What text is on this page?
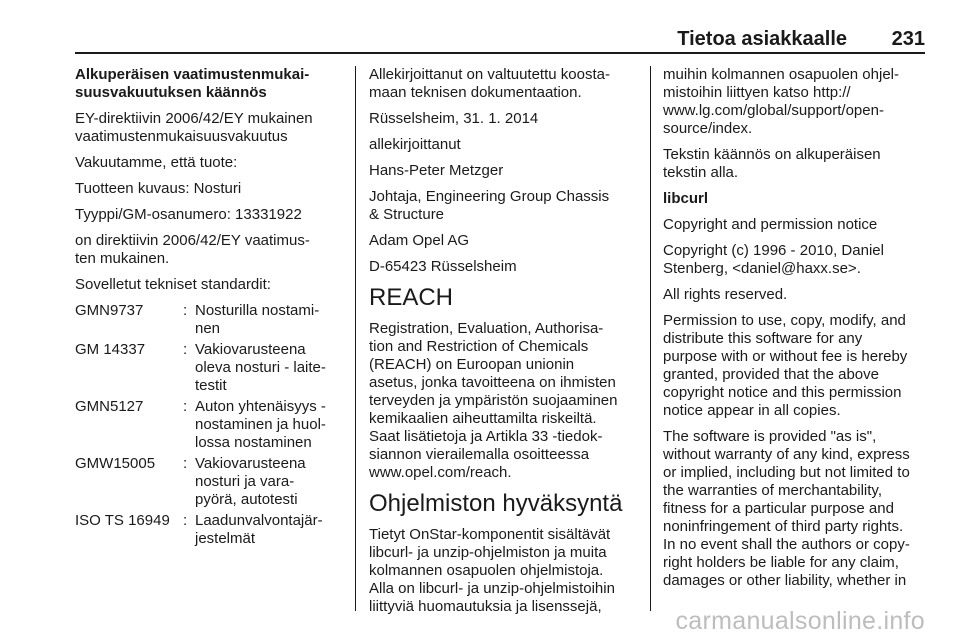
Tietoa asiakkaalle 231

Alkuperäisen vaatimustenmukai-
suusvakuutuksen käännös

EY-direktiivin 2006/42/EY mukainen
vaatimustenmukaisuusvakuutus

Vakuutamme, että tuote:

Tuotteen kuvaus: Nosturi

Tyyppi/GM-osanumero: 13331922

on direktiivin 2006/42/EY vaatimus-
ten mukainen.

Sovelletut tekniset standardit:

GMN9737	:	Nosturilla nostami-
nen
GM 14337	:	Vakiovarusteena
oleva nosturi - laite-
testit
GMN5127	:	Auton yhtenäisyys -
nostaminen ja huol-
lossa nostaminen
GMW15005	:	Vakiovarusteena
nosturi ja vara-
pyörä, autotesti
ISO TS 16949	:	Laadunvalvontajär-
jestelmät

Allekirjoittanut on valtuutettu koosta-
maan teknisen dokumentaation.

Rüsselsheim, 31. 1. 2014

allekirjoittanut

Hans-Peter Metzger

Johtaja, Engineering Group Chassis
& Structure

Adam Opel AG

D-65423 Rüsselsheim

REACH

Registration, Evaluation, Authorisa-
tion and Restriction of Chemicals
(REACH) on Euroopan unionin
asetus, jonka tavoitteena on ihmisten
terveyden ja ympäristön suojaaminen
kemikaalien aiheuttamilta riskeiltä.
Saat lisätietoja ja Artikla 33 -tiedok-
siannon vierailemalla osoitteessa
www.opel.com/reach.

Ohjelmiston hyväksyntä

Tietyt OnStar-komponentit sisältävät
libcurl- ja unzip-ohjelmiston ja muita
kolmannen osapuolen ohjelmistoja.
Alla on libcurl- ja unzip-ohjelmistoihin
liittyviä huomautuksia ja lisenssejä,

muihin kolmannen osapuolen ohjel-
mistoihin liittyen katso http://
www.lg.com/global/support/open-
source/index.

Tekstin käännös on alkuperäisen
tekstin alla.

libcurl

Copyright and permission notice

Copyright (c) 1996 - 2010, Daniel
Stenberg, <daniel@haxx.se>.

All rights reserved.

Permission to use, copy, modify, and
distribute this software for any
purpose with or without fee is hereby
granted, provided that the above
copyright notice and this permission
notice appear in all copies.

The software is provided "as is",
without warranty of any kind, express
or implied, including but not limited to
the warranties of merchantability,
fitness for a particular purpose and
noninfringement of third party rights.
In no event shall the authors or copy-
right holders be liable for any claim,
damages or other liability, whether in

carmanualsonline.info
